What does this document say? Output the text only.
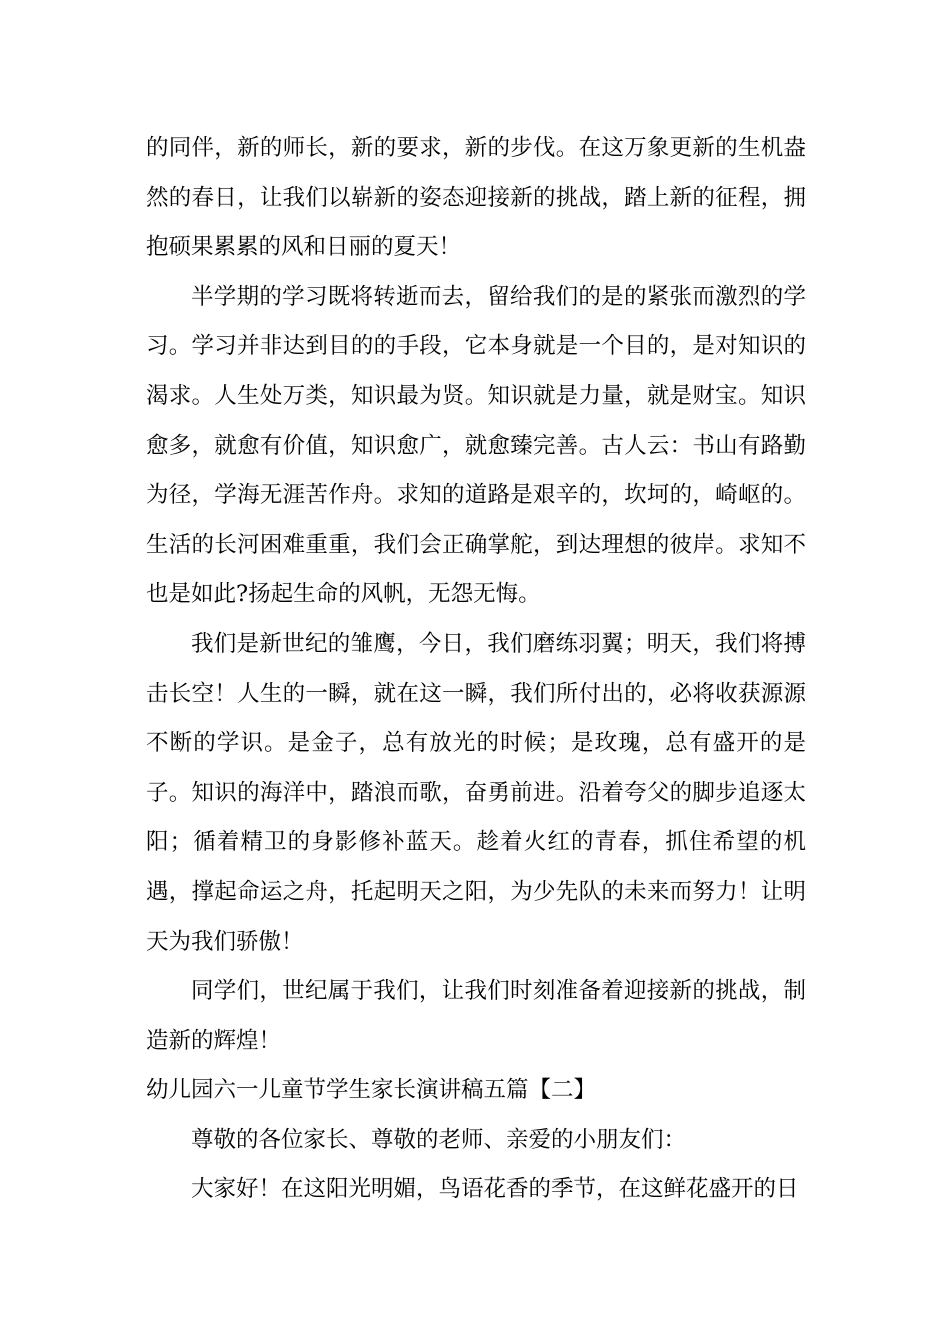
的同伴，新的师长，新的要求，新的步伐。在这万象更新的生机盎然的春日，让我们以崭新的姿态迎接新的挑战，踏上新的征程，拥抱硕果累累的风和日丽的夏天！

半学期的学习既将转逝而去，留给我们的是的紧张而激烈的学习。学习并非达到目的的手段，它本身就是一个目的，是对知识的渴求。人生处万类，知识最为贤。知识就是力量，就是财宝。知识愈多，就愈有价值，知识愈广，就愈臻完善。古人云：书山有路勤为径，学海无涯苦作舟。求知的道路是艰辛的，坎坷的，崎岖的。生活的长河困难重重，我们会正确掌舵，到达理想的彼岸。求知不也是如此?扬起生命的风帆，无怨无悔。

我们是新世纪的雏鹰，今日，我们磨练羽翼；明天，我们将搏击长空！人生的一瞬，就在这一瞬，我们所付出的，必将收获源源不断的学识。是金子，总有放光的时候；是玫瑰，总有盛开的是子。知识的海洋中，踏浪而歌，奋勇前进。沿着夸父的脚步追逐太阳；循着精卫的身影修补蓝天。趁着火红的青春，抓住希望的机遇，撑起命运之舟，托起明天之阳，为少先队的未来而努力！让明天为我们骄傲！

同学们，世纪属于我们，让我们时刻准备着迎接新的挑战，制造新的辉煌！

幼儿园六一儿童节学生家长演讲稿五篇【二】

尊敬的各位家长、尊敬的老师、亲爱的小朋友们：

大家好！在这阳光明媚，鸟语花香的季节，在这鲜花盛开的日
